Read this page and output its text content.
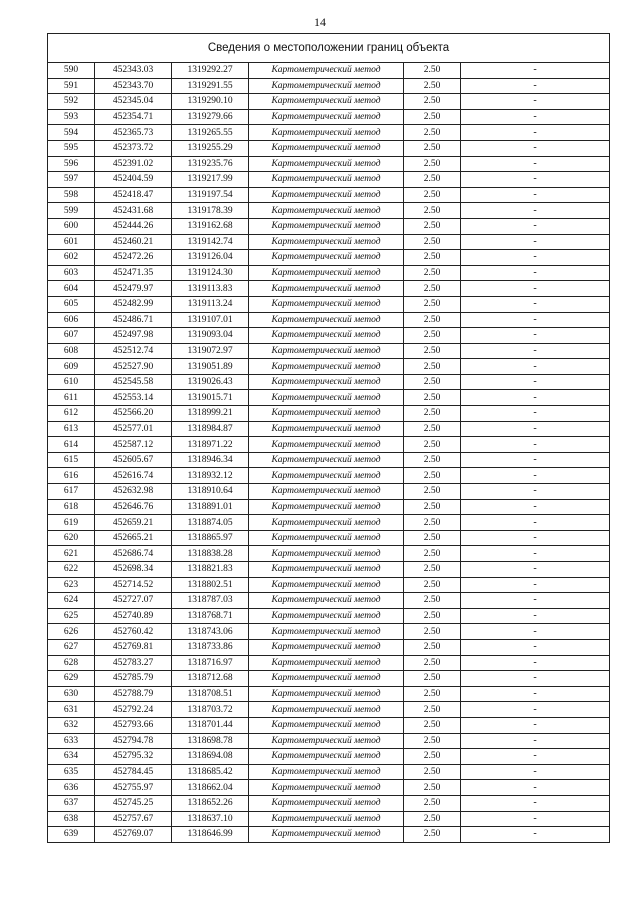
14
Сведения о местоположении границ объекта					
590	452343.03	1319292.27	Картометрический метод	2.50	-
591	452343.70	1319291.55	Картометрический метод	2.50	-
592	452345.04	1319290.10	Картометрический метод	2.50	-
593	452354.71	1319279.66	Картометрический метод	2.50	-
594	452365.73	1319265.55	Картометрический метод	2.50	-
595	452373.72	1319255.29	Картометрический метод	2.50	-
596	452391.02	1319235.76	Картометрический метод	2.50	-
597	452404.59	1319217.99	Картометрический метод	2.50	-
598	452418.47	1319197.54	Картометрический метод	2.50	-
599	452431.68	1319178.39	Картометрический метод	2.50	-
600	452444.26	1319162.68	Картометрический метод	2.50	-
601	452460.21	1319142.74	Картометрический метод	2.50	-
602	452472.26	1319126.04	Картометрический метод	2.50	-
603	452471.35	1319124.30	Картометрический метод	2.50	-
604	452479.97	1319113.83	Картометрический метод	2.50	-
605	452482.99	1319113.24	Картометрический метод	2.50	-
606	452486.71	1319107.01	Картометрический метод	2.50	-
607	452497.98	1319093.04	Картометрический метод	2.50	-
608	452512.74	1319072.97	Картометрический метод	2.50	-
609	452527.90	1319051.89	Картометрический метод	2.50	-
610	452545.58	1319026.43	Картометрический метод	2.50	-
611	452553.14	1319015.71	Картометрический метод	2.50	-
612	452566.20	1318999.21	Картометрический метод	2.50	-
613	452577.01	1318984.87	Картометрический метод	2.50	-
614	452587.12	1318971.22	Картометрический метод	2.50	-
615	452605.67	1318946.34	Картометрический метод	2.50	-
616	452616.74	1318932.12	Картометрический метод	2.50	-
617	452632.98	1318910.64	Картометрический метод	2.50	-
618	452646.76	1318891.01	Картометрический метод	2.50	-
619	452659.21	1318874.05	Картометрический метод	2.50	-
620	452665.21	1318865.97	Картометрический метод	2.50	-
621	452686.74	1318838.28	Картометрический метод	2.50	-
622	452698.34	1318821.83	Картометрический метод	2.50	-
623	452714.52	1318802.51	Картометрический метод	2.50	-
624	452727.07	1318787.03	Картометрический метод	2.50	-
625	452740.89	1318768.71	Картометрический метод	2.50	-
626	452760.42	1318743.06	Картометрический метод	2.50	-
627	452769.81	1318733.86	Картометрический метод	2.50	-
628	452783.27	1318716.97	Картометрический метод	2.50	-
629	452785.79	1318712.68	Картометрический метод	2.50	-
630	452788.79	1318708.51	Картометрический метод	2.50	-
631	452792.24	1318703.72	Картометрический метод	2.50	-
632	452793.66	1318701.44	Картометрический метод	2.50	-
633	452794.78	1318698.78	Картометрический метод	2.50	-
634	452795.32	1318694.08	Картометрический метод	2.50	-
635	452784.45	1318685.42	Картометрический метод	2.50	-
636	452755.97	1318662.04	Картометрический метод	2.50	-
637	452745.25	1318652.26	Картометрический метод	2.50	-
638	452757.67	1318637.10	Картометрический метод	2.50	-
639	452769.07	1318646.99	Картометрический метод	2.50	-
